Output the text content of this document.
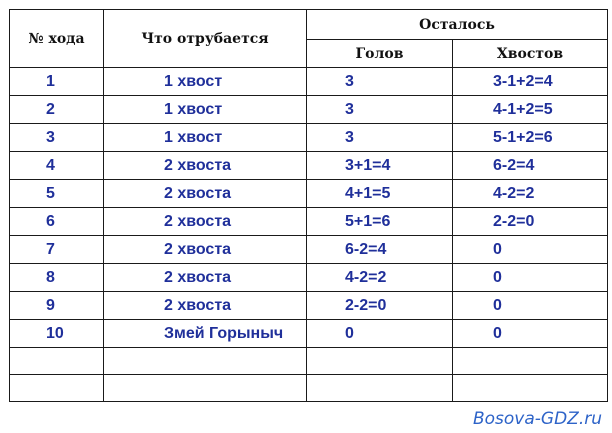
№ хода	Что отрубается	Осталось	
		Голов	Хвостов
1	1 хвост	3	3-1+2=4
2	1 хвост	3	4-1+2=5
3	1 хвост	3	5-1+2=6
4	2 хвоста	3+1=4	6-2=4
5	2 хвоста	4+1=5	4-2=2
6	2 хвоста	5+1=6	2-2=0
7	2 хвоста	6-2=4	0
8	2 хвоста	4-2=2	0
9	2 хвоста	2-2=0	0
10	Змей Горыныч	0	0

Bosova-GDZ.ru
